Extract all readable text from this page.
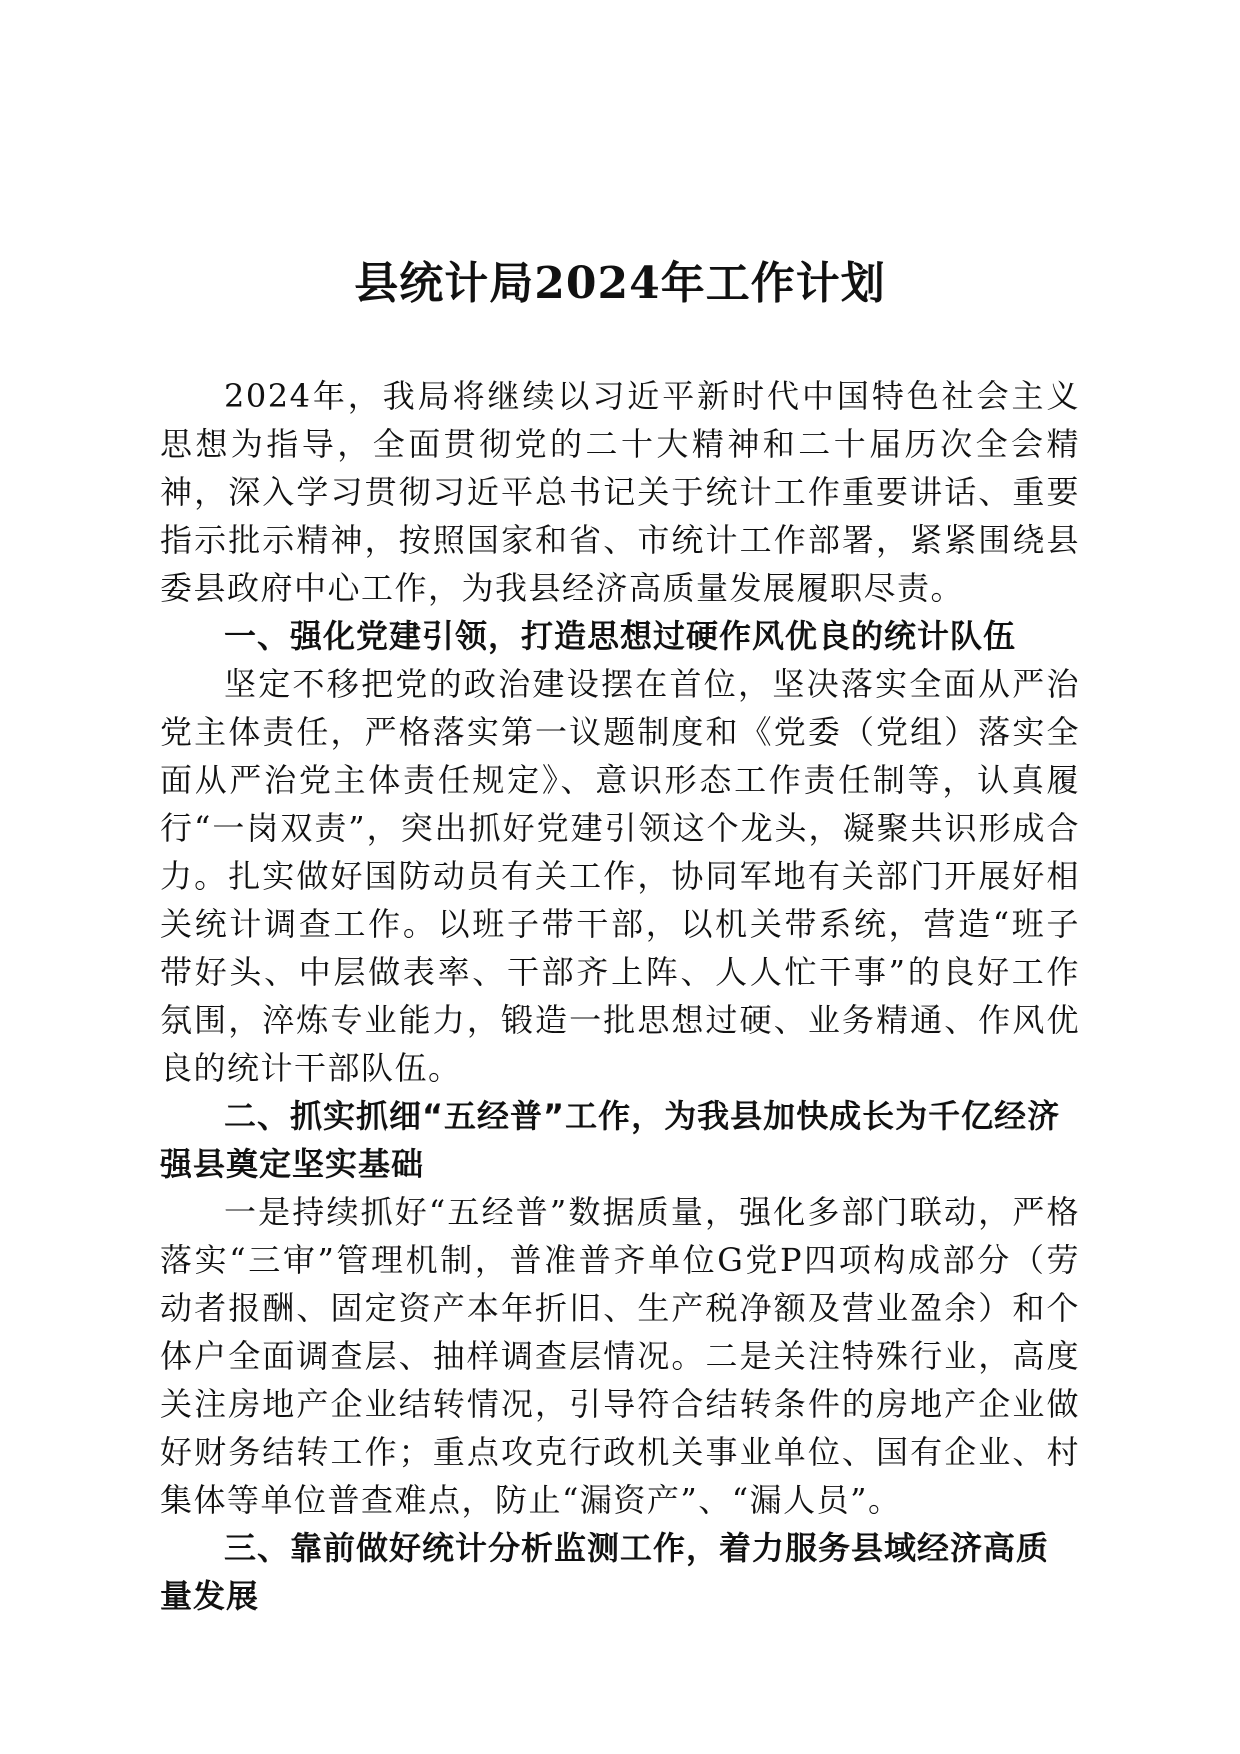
县统计局2024年工作计划

2024年，我局将继续以习近平新时代中国特色社会主义思想为指导，全面贯彻党的二十大精神和二十届历次全会精神，深入学习贯彻习近平总书记关于统计工作重要讲话、重要指示批示精神，按照国家和省、市统计工作部署，紧紧围绕县委县政府中心工作，为我县经济高质量发展履职尽责。

一、强化党建引领，打造思想过硬作风优良的统计队伍

坚定不移把党的政治建设摆在首位，坚决落实全面从严治党主体责任，严格落实第一议题制度和《党委（党组）落实全面从严治党主体责任规定》、意识形态工作责任制等，认真履行“一岗双责”，突出抓好党建引领这个龙头，凝聚共识形成合力。扎实做好国防动员有关工作，协同军地有关部门开展好相关统计调查工作。以班子带干部，以机关带系统，营造“班子带好头、中层做表率、干部齐上阵、人人忙干事”的良好工作氛围，淬炼专业能力，锻造一批思想过硬、业务精通、作风优良的统计干部队伍。

二、抓实抓细“五经普”工作，为我县加快成长为千亿经济强县奠定坚实基础

一是持续抓好“五经普”数据质量，强化多部门联动，严格落实“三审”管理机制，普准普齐单位G党P四项构成部分（劳动者报酬、固定资产本年折旧、生产税净额及营业盈余）和个体户全面调查层、抽样调查层情况。二是关注特殊行业，高度关注房地产企业结转情况，引导符合结转条件的房地产企业做好财务结转工作；重点攻克行政机关事业单位、国有企业、村集体等单位普查难点，防止“漏资产”、“漏人员”。

三、靠前做好统计分析监测工作，着力服务县域经济高质量发展
